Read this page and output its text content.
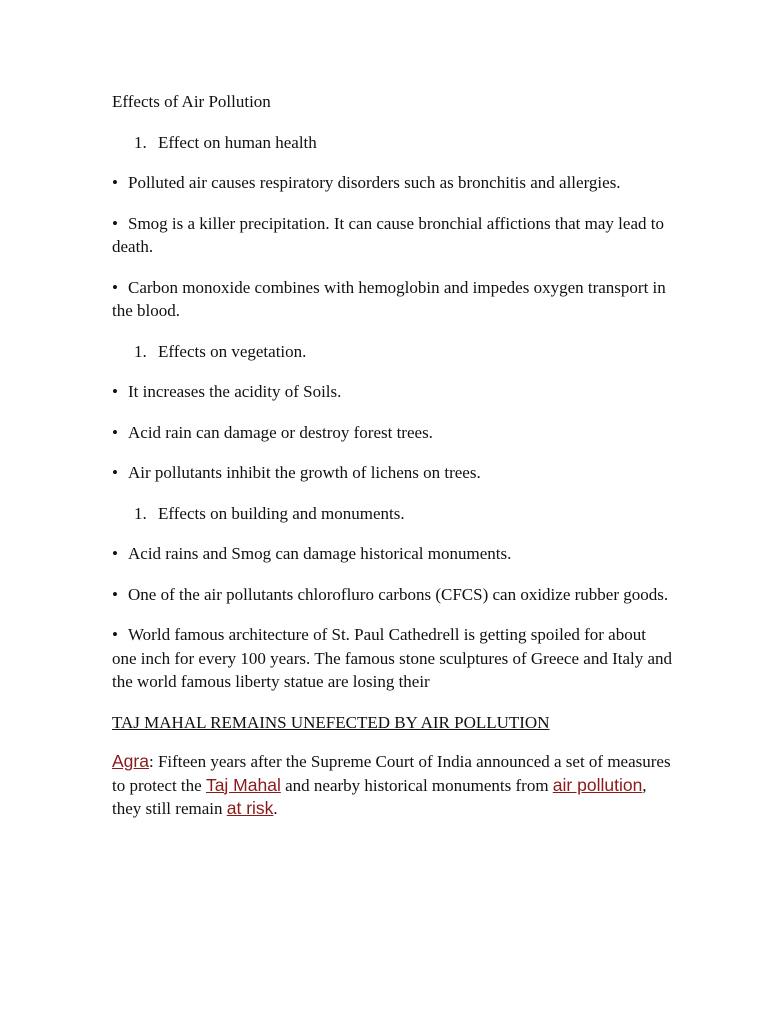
Effects of Air Pollution

1. Effect on human health

• Polluted air causes respiratory disorders such as bronchitis and allergies.

• Smog is a killer precipitation. It can cause bronchial affictions that may lead to death.

• Carbon monoxide combines with hemoglobin and impedes oxygen transport in the blood.

1. Effects on vegetation.

• It increases the acidity of Soils.

• Acid rain can damage or destroy forest trees.

• Air pollutants inhibit the growth of lichens on trees.

1. Effects on building and monuments.

• Acid rains and Smog can damage historical monuments.

• One of the air pollutants chlorofluro carbons (CFCS) can oxidize rubber goods.

• World famous architecture of St. Paul Cathedrell is getting spoiled for about one inch for every 100 years. The famous stone sculptures of Greece and Italy and the world famous liberty statue are losing their

TAJ MAHAL REMAINS UNEFECTED BY AIR POLLUTION

Agra: Fifteen years after the Supreme Court of India announced a set of measures to protect the Taj Mahal and nearby historical monuments from air pollution, they still remain at risk.
